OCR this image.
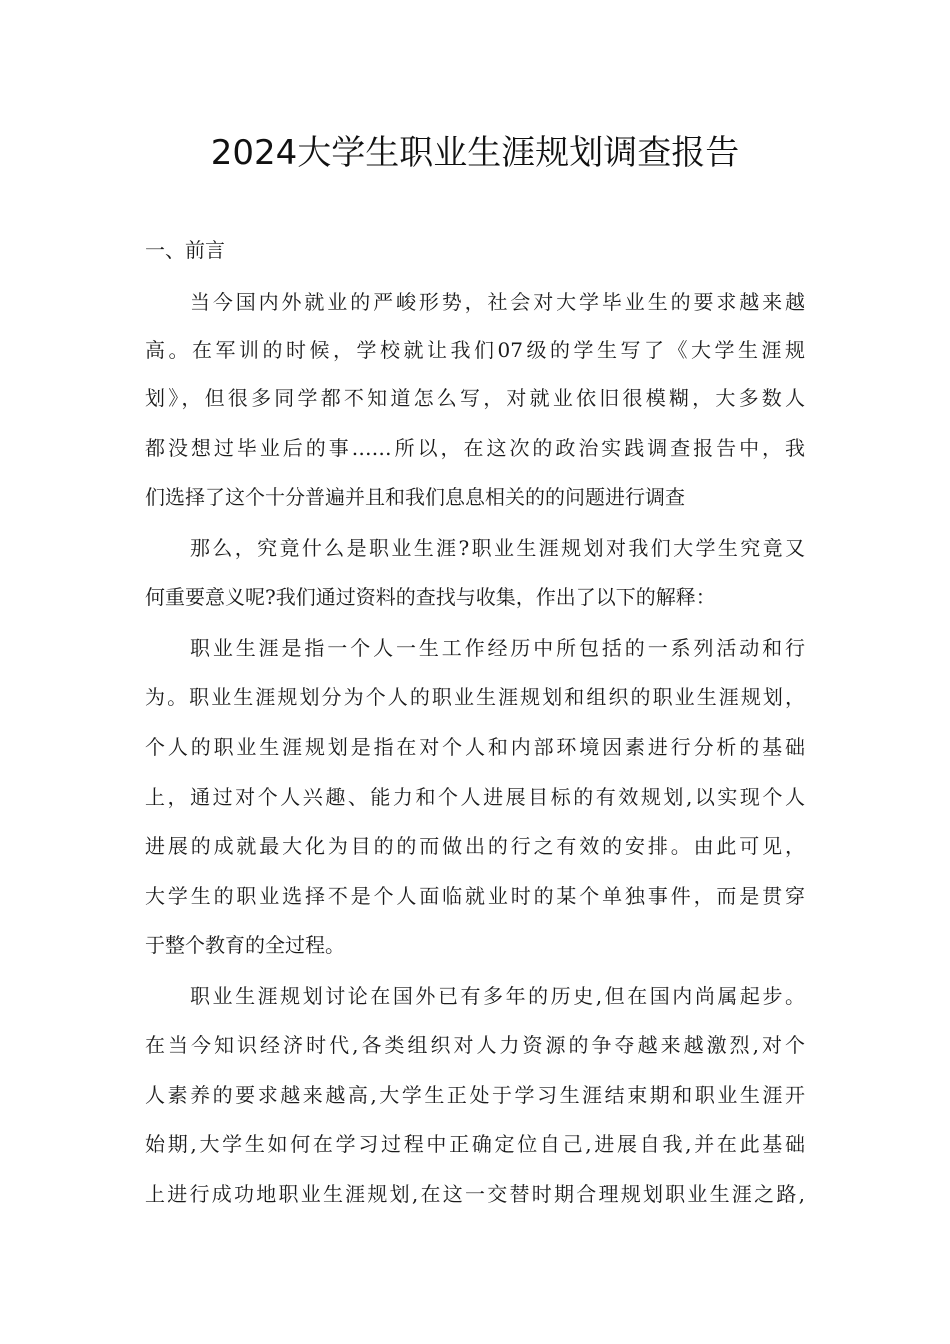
2024大学生职业生涯规划调查报告

一、前言

当今国内外就业的严峻形势，社会对大学毕业生的要求越来越

高。在军训的时候，学校就让我们07级的学生写了《大学生涯规

划》，但很多同学都不知道怎么写，对就业依旧很模糊，大多数人

都没想过毕业后的事……所以，在这次的政治实践调查报告中，我

们选择了这个十分普遍并且和我们息息相关的的问题进行调查

那么，究竟什么是职业生涯?职业生涯规划对我们大学生究竟又

何重要意义呢?我们通过资料的查找与收集，作出了以下的解释：

职业生涯是指一个人一生工作经历中所包括的一系列活动和行

为。职业生涯规划分为个人的职业生涯规划和组织的职业生涯规划，

个人的职业生涯规划是指在对个人和内部环境因素进行分析的基础

上，通过对个人兴趣、能力和个人进展目标的有效规划,以实现个人

进展的成就最大化为目的的而做出的行之有效的安排。由此可见，

大学生的职业选择不是个人面临就业时的某个单独事件，而是贯穿

于整个教育的全过程。

职业生涯规划讨论在国外已有多年的历史,但在国内尚属起步。

在当今知识经济时代,各类组织对人力资源的争夺越来越激烈,对个

人素养的要求越来越高,大学生正处于学习生涯结束期和职业生涯开

始期,大学生如何在学习过程中正确定位自己,进展自我,并在此基础

上进行成功地职业生涯规划,在这一交替时期合理规划职业生涯之路,
